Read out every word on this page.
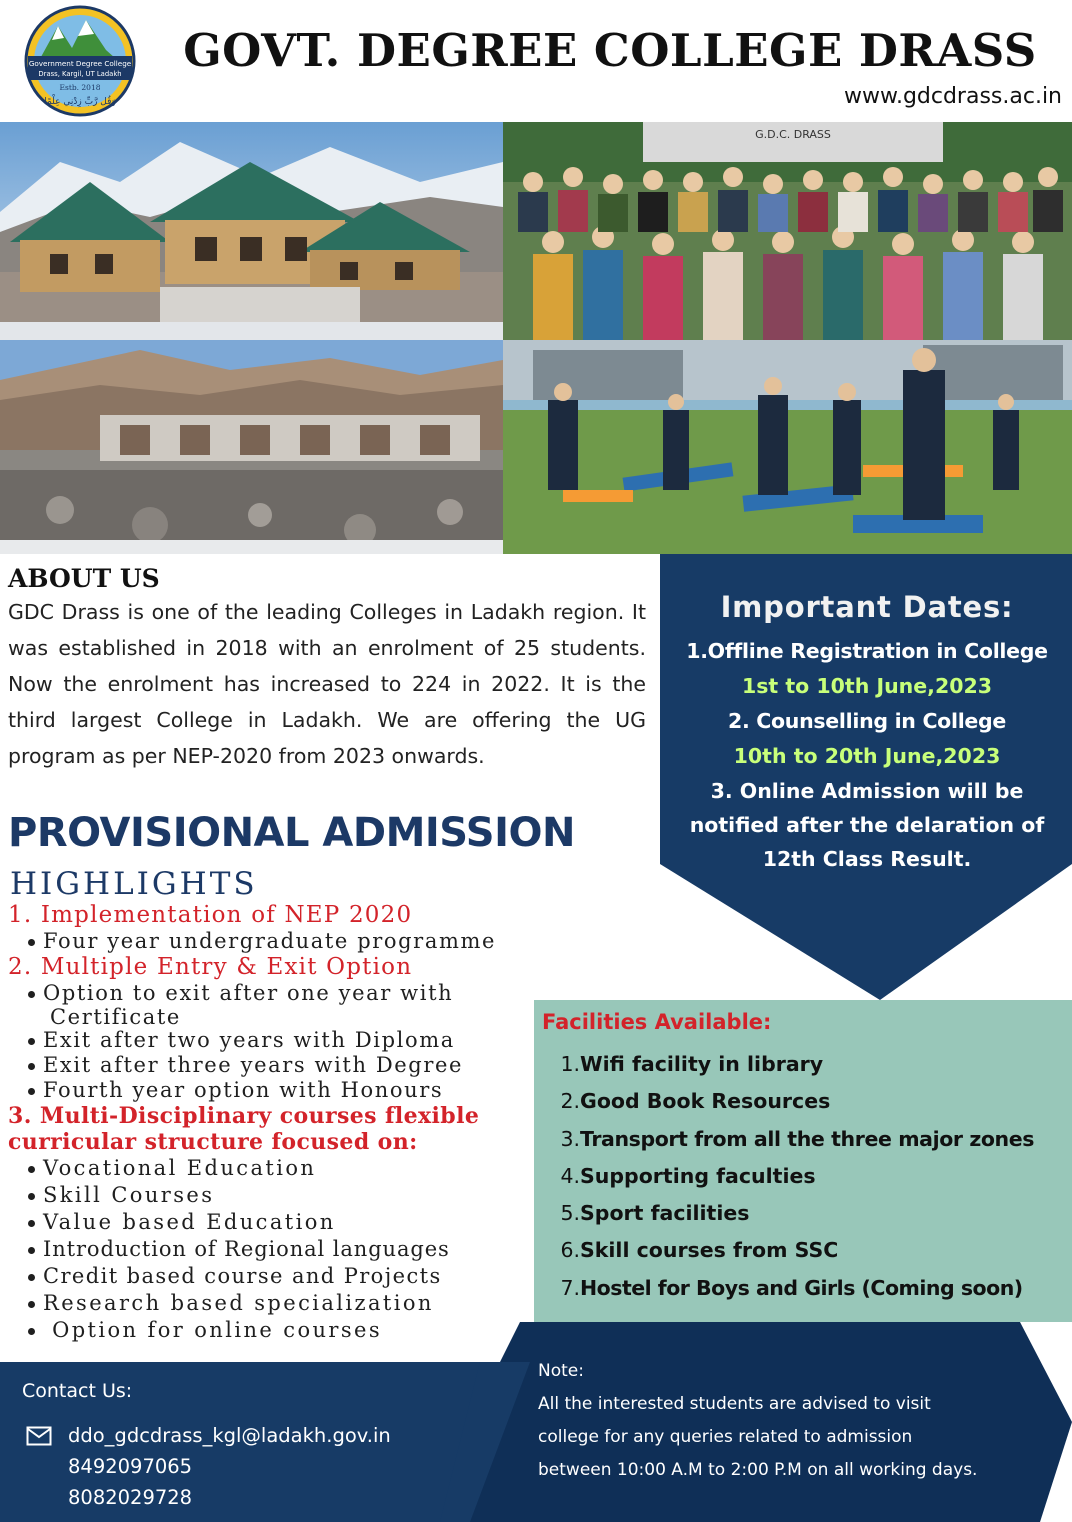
Government Degree College
Drass, Kargil, UT Ladakh
Estb. 2018
وَقُل رَّبِّ زِدْنِي عِلْمًا
GOVT. DEGREE COLLEGE DRASS
www.gdcdrass.ac.in
G.D.C. DRASS
ABOUT US
GDC Drass is one of the leading Colleges in Ladakh region. It was established in 2018 with an enrolment of 25 students. Now the enrolment has increased to 224 in 2022. It is the third largest College in Ladakh. We are offering the UG program as per NEP-2020 from 2023 onwards.
Important Dates:
1.Offline Registration in College
1st to 10th June,2023
2. Counselling in College
10th to 20th June,2023
3. Online Admission will be
notified after the delaration of
12th Class Result.
PROVISIONAL ADMISSION
HIGHLIGHTS
1. Implementation of NEP 2020
Four year undergraduate programme
2. Multiple Entry & Exit Option
Option to exit after one year with
Certificate
Exit after two years with Diploma
Exit after three years with Degree
Fourth year option with Honours
3. Multi-Disciplinary courses flexible
curricular structure focused on:
Vocational Education
Skill Courses
Value based Education
Introduction of Regional languages
Credit based course and Projects
Research based specialization
Option for online courses
Facilities Available:
1.Wifi facility in library
2.Good Book Resources
3.Transport from all the three major zones
4.Supporting faculties
5.Sport facilities
6.Skill courses from SSC
7.Hostel for Boys and Girls (Coming soon)
Contact Us:
ddo_gdcdrass_kgl@ladakh.gov.in
8492097065
8082029728
Note:
All the interested students are advised to visit
college for any queries related to admission
between 10:00 A.M to 2:00 P.M on all working days.
